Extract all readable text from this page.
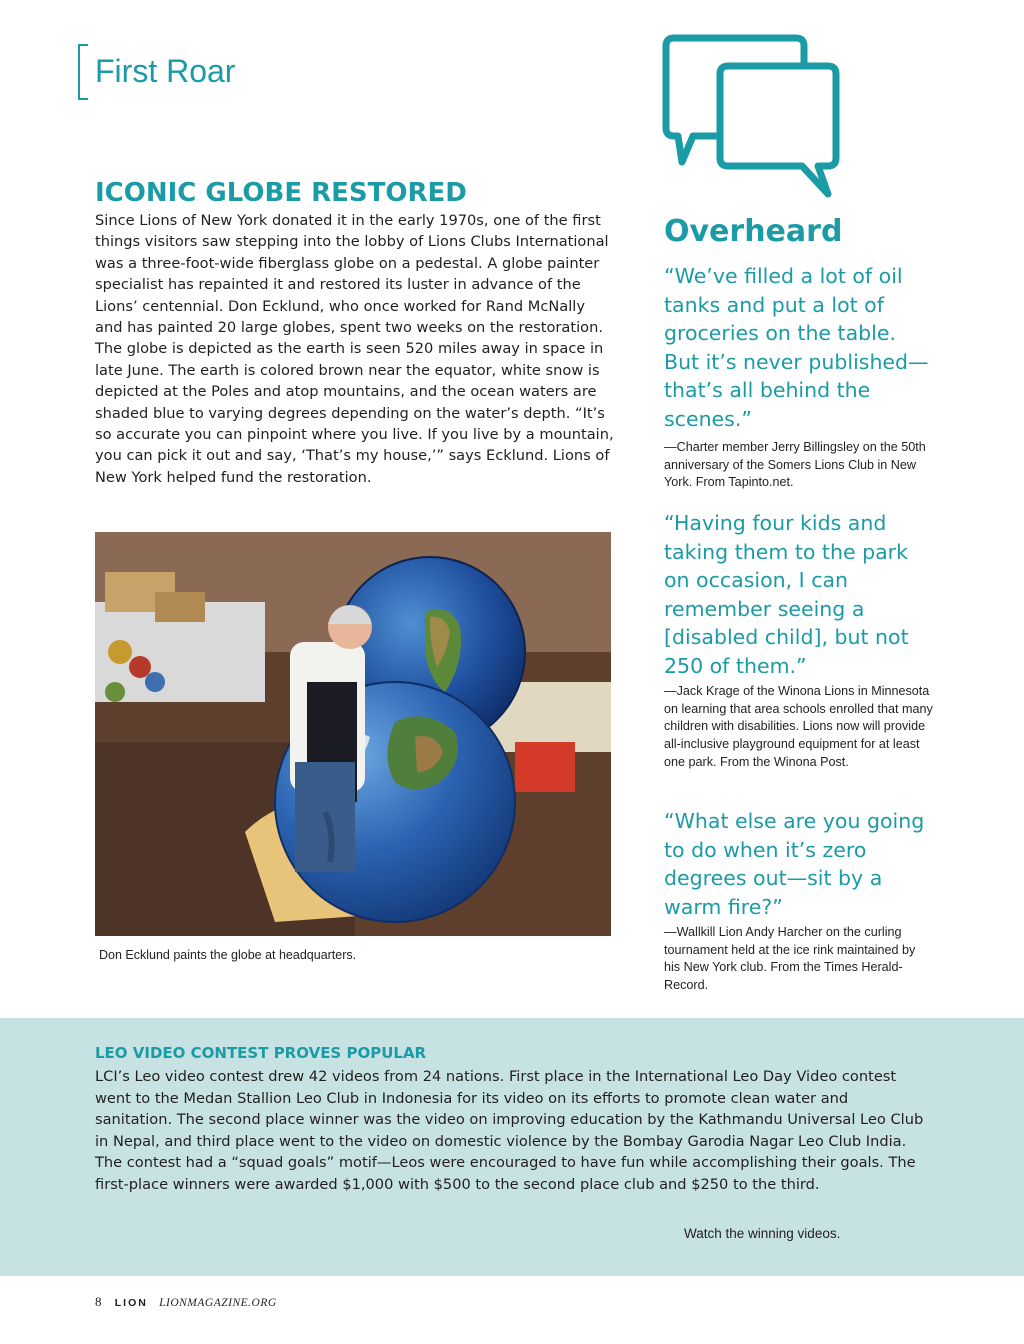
First Roar
ICONIC GLOBE RESTORED

Since Lions of New York donated it in the early 1970s, one of the first things visitors saw stepping into the lobby of Lions Clubs International was a three-foot-wide fiberglass globe on a pedestal. A globe painter specialist has repainted it and restored its luster in advance of the Lions’ centennial. Don Ecklund, who once worked for Rand McNally and has painted 20 large globes, spent two weeks on the restoration. The globe is depicted as the earth is seen 520 miles away in space in late June. The earth is colored brown near the equator, white snow is depicted at the Poles and atop mountains, and the ocean waters are shaded blue to varying degrees depending on the water’s depth. “It’s so accurate you can pinpoint where you live. If you live by a mountain, you can pick it out and say, ‘That’s my house,’” says Ecklund. Lions of New York helped fund the restoration.

Don Ecklund paints the globe at headquarters.
Overheard

“We’ve filled a lot of oil tanks and put a lot of groceries on the table. But it’s never published—that’s all behind the scenes.”

—Charter member Jerry Billingsley on the 50th anniversary of the Somers Lions Club in New York. From Tapinto.net.

“Having four kids and taking them to the park on occasion, I can remember seeing a [disabled child], but not 250 of them.”

—Jack Krage of the Winona Lions in Minnesota on learning that area schools enrolled that many children with disabilities. Lions now will provide all-inclusive playground equipment for at least one park. From the Winona Post.

“What else are you going to do when it’s zero degrees out—sit by a warm fire?”

—Wallkill Lion Andy Harcher on the curling tournament held at the ice rink maintained by his New York club. From the Times Herald-Record.

LEO VIDEO CONTEST PROVES POPULAR

LCI’s Leo video contest drew 42 videos from 24 nations. First place in the International Leo Day Video contest went to the Medan Stallion Leo Club in Indonesia for its video on its efforts to promote clean water and sanitation. The second place winner was the video on improving education by the Kathmandu Universal Leo Club in Nepal, and third place went to the video on domestic violence by the Bombay Garodia Nagar Leo Club India. The contest had a “squad goals” motif—Leos were encouraged to have fun while accomplishing their goals. The first-place winners were awarded $1,000 with $500 to the second place club and $250 to the third.

Watch the winning videos.
8 LION LIONMAGAZINE.ORG
